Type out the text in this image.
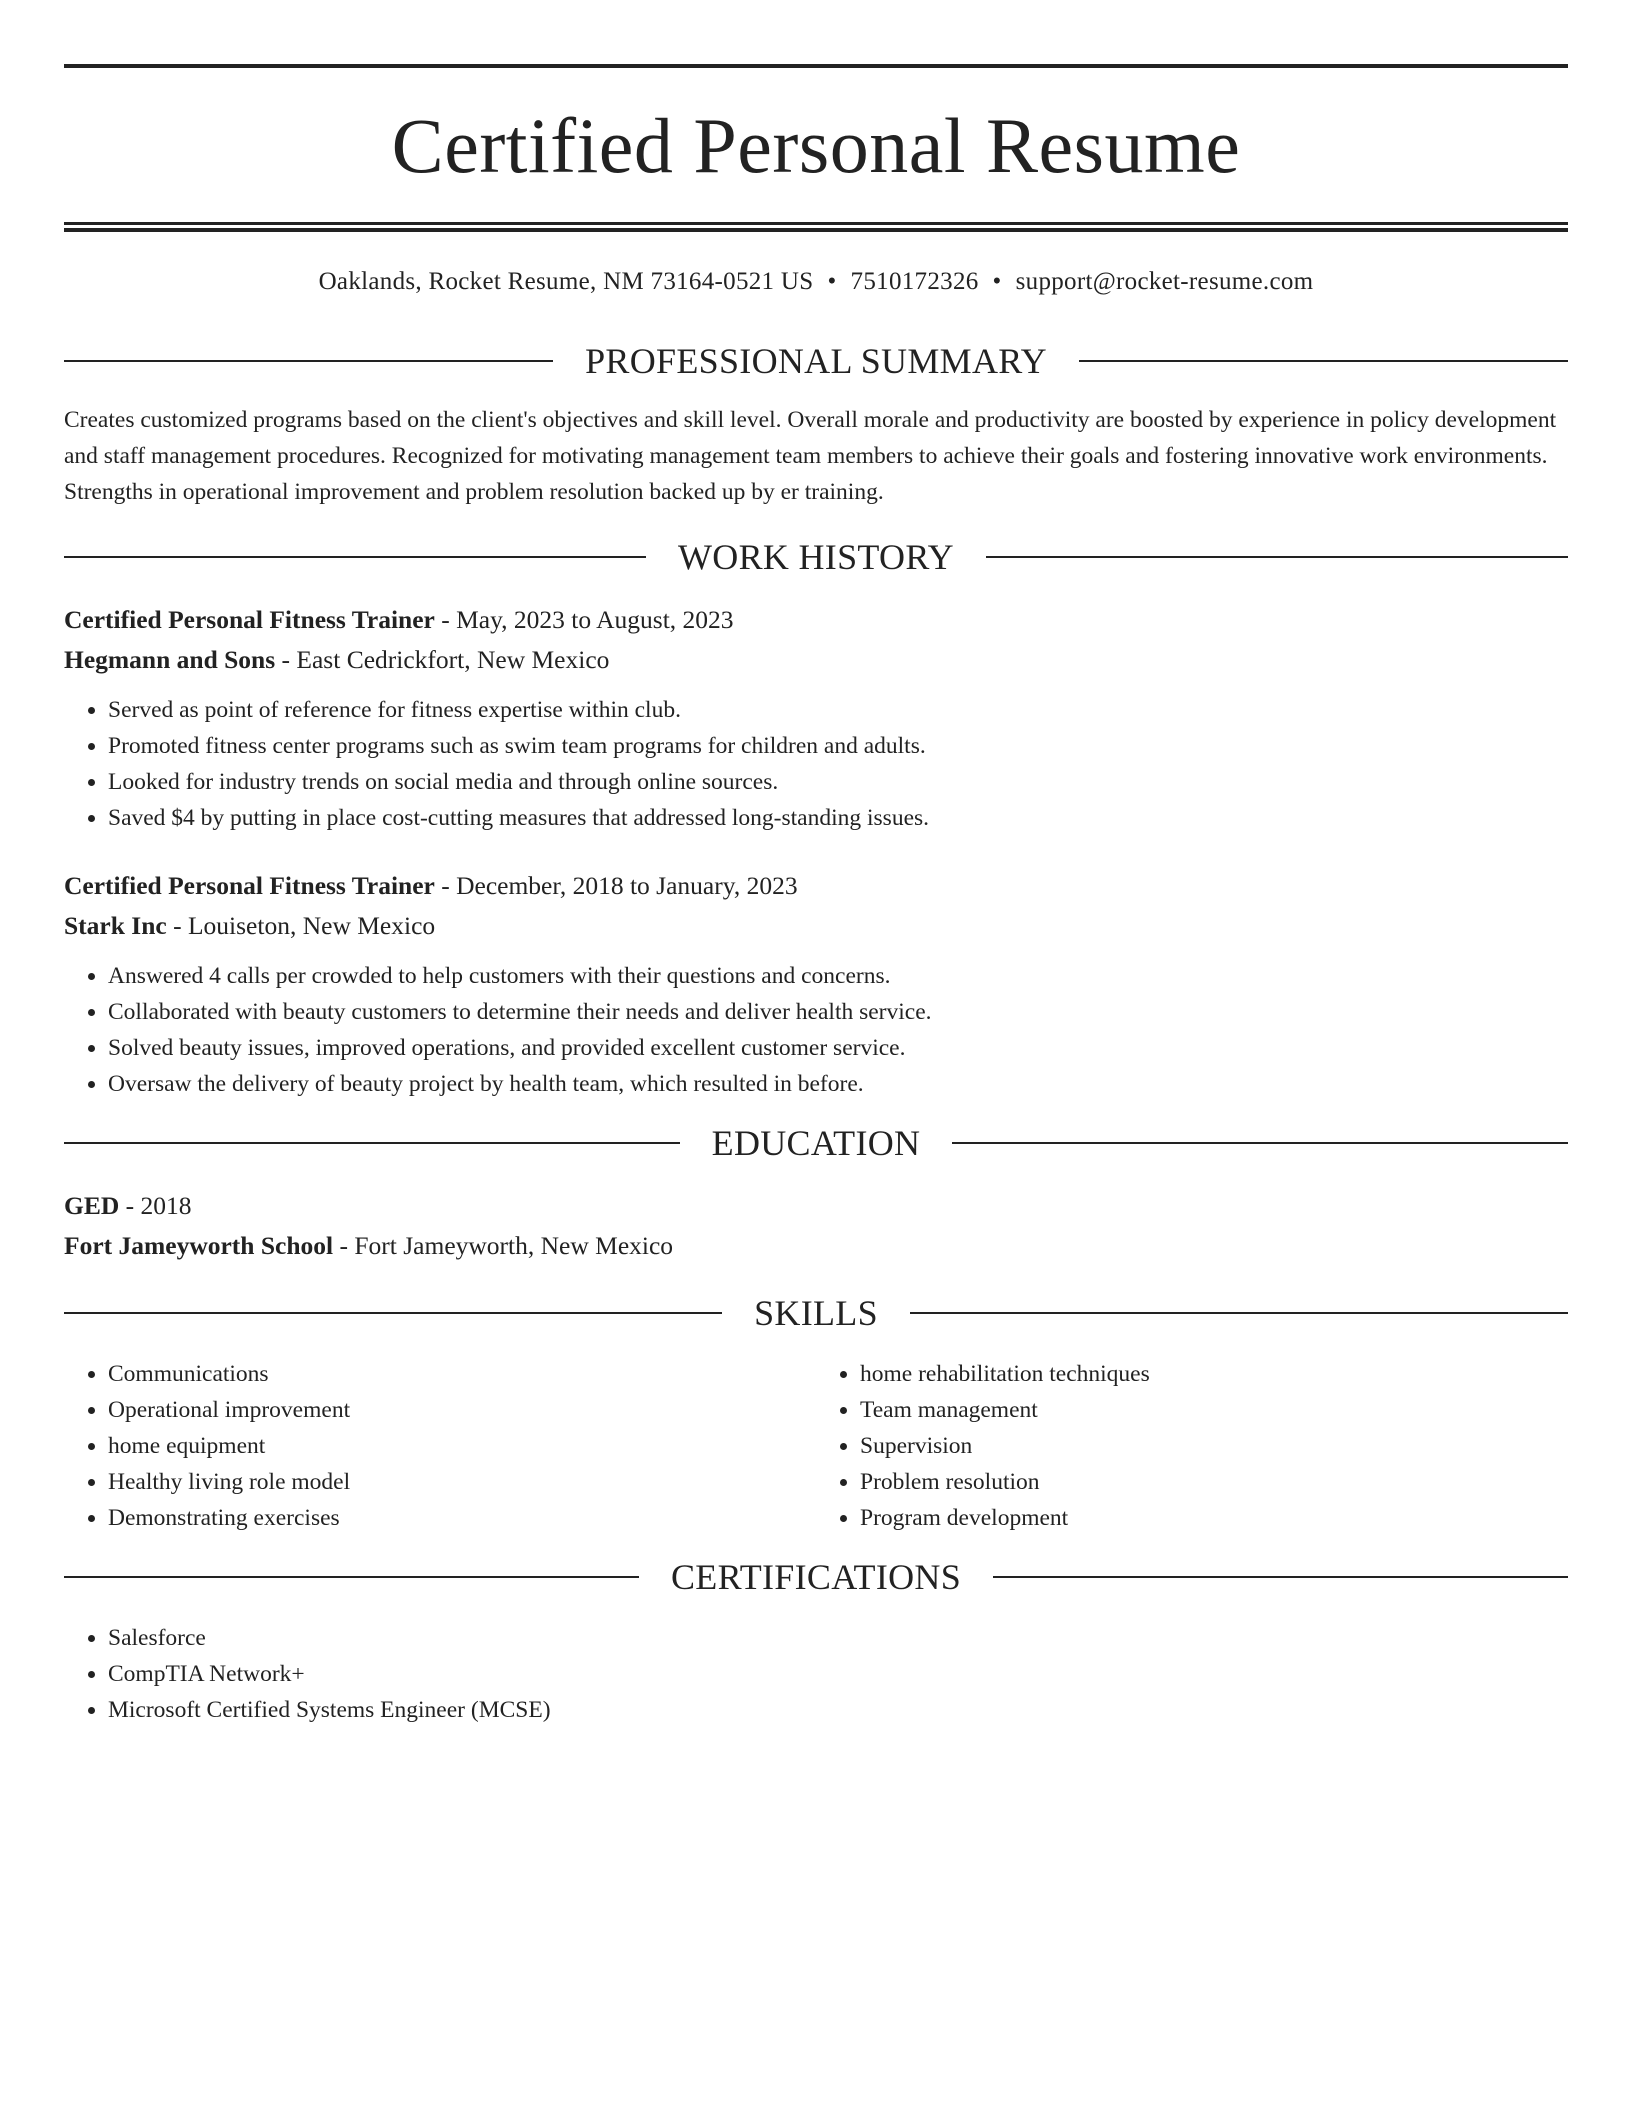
Certified Personal Resume
Oaklands, Rocket Resume, NM 73164-0521 US • 7510172326 • support@rocket-resume.com
PROFESSIONAL SUMMARY

Creates customized programs based on the client's objectives and skill level. Overall morale and productivity are boosted by experience in policy development and staff management procedures. Recognized for motivating management team members to achieve their goals and fostering innovative work environments. Strengths in operational improvement and problem resolution backed up by er training.

WORK HISTORY
Certified Personal Fitness Trainer - May, 2023 to August, 2023
Hegmann and Sons - East Cedrickfort, New Mexico
• Served as point of reference for fitness expertise within club.
• Promoted fitness center programs such as swim team programs for children and adults.
• Looked for industry trends on social media and through online sources.
• Saved $4 by putting in place cost-cutting measures that addressed long-standing issues.
Certified Personal Fitness Trainer - December, 2018 to January, 2023
Stark Inc - Louiseton, New Mexico
• Answered 4 calls per crowded to help customers with their questions and concerns.
• Collaborated with beauty customers to determine their needs and deliver health service.
• Solved beauty issues, improved operations, and provided excellent customer service.
• Oversaw the delivery of beauty project by health team, which resulted in before.
EDUCATION
GED - 2018
Fort Jameyworth School - Fort Jameyworth, New Mexico
SKILLS
• Communications
• Operational improvement
• home equipment
• Healthy living role model
• Demonstrating exercises
• home rehabilitation techniques
• Team management
• Supervision
• Problem resolution
• Program development
CERTIFICATIONS
• Salesforce
• CompTIA Network+
• Microsoft Certified Systems Engineer (MCSE)
